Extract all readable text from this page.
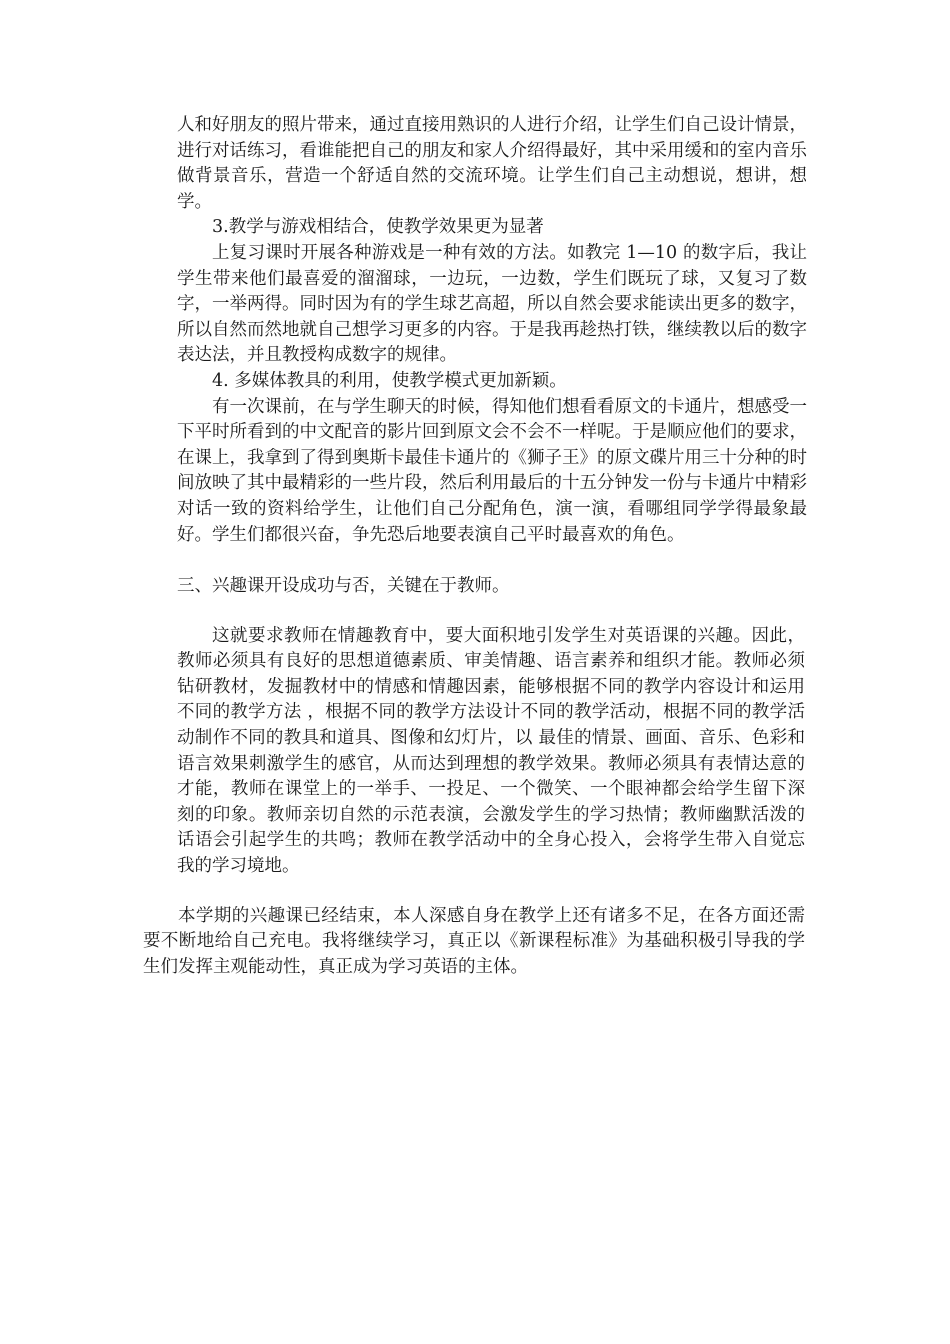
人和好朋友的照片带来，通过直接用熟识的人进行介绍，让学生们自己设计情景，进行对话练习，看谁能把自己的朋友和家人介绍得最好，其中采用缓和的室内音乐做背景音乐，营造一个舒适自然的交流环境。让学生们自己主动想说，想讲，想学。

3.教学与游戏相结合，使教学效果更为显著

上复习课时开展各种游戏是一种有效的方法。如教完 1—10 的数字后，我让学生带来他们最喜爱的溜溜球，一边玩，一边数，学生们既玩了球，又复习了数字，一举两得。同时因为有的学生球艺高超，所以自然会要求能读出更多的数字，所以自然而然地就自己想学习更多的内容。于是我再趁热打铁，继续教以后的数字表达法，并且教授构成数字的规律。

4. 多媒体教具的利用，使教学模式更加新颖。

有一次课前，在与学生聊天的时候，得知他们想看看原文的卡通片，想感受一下平时所看到的中文配音的影片回到原文会不会不一样呢。于是顺应他们的要求，在课上，我拿到了得到奥斯卡最佳卡通片的《狮子王》的原文碟片用三十分种的时间放映了其中最精彩的一些片段，然后利用最后的十五分钟发一份与卡通片中精彩对话一致的资料给学生，让他们自己分配角色，演一演，看哪组同学学得最象最好。学生们都很兴奋，争先恐后地要表演自己平时最喜欢的角色。

三、兴趣课开设成功与否，关键在于教师。

这就要求教师在情趣教育中，要大面积地引发学生对英语课的兴趣。因此，教师必须具有良好的思想道德素质、审美情趣、语言素养和组织才能。教师必须钻研教材，发掘教材中的情感和情趣因素，能够根据不同的教学内容设计和运用不同的教学方法 ，根据不同的教学方法设计不同的教学活动，根据不同的教学活动制作不同的教具和道具、图像和幻灯片，以 最佳的情景、画面、音乐、色彩和语言效果刺激学生的感官，从而达到理想的教学效果。教师必须具有表情达意的才能，教师在课堂上的一举手、一投足、一个微笑、一个眼神都会给学生留下深 刻的印象。教师亲切自然的示范表演，会激发学生的学习热情；教师幽默活泼的话语会引起学生的共鸣；教师在教学活动中的全身心投入，会将学生带入自觉忘我的学习境地。

本学期的兴趣课已经结束，本人深感自身在教学上还有诸多不足，在各方面还需要不断地给自己充电。我将继续学习，真正以《新课程标准》为基础积极引导我的学生们发挥主观能动性，真正成为学习英语的主体。
